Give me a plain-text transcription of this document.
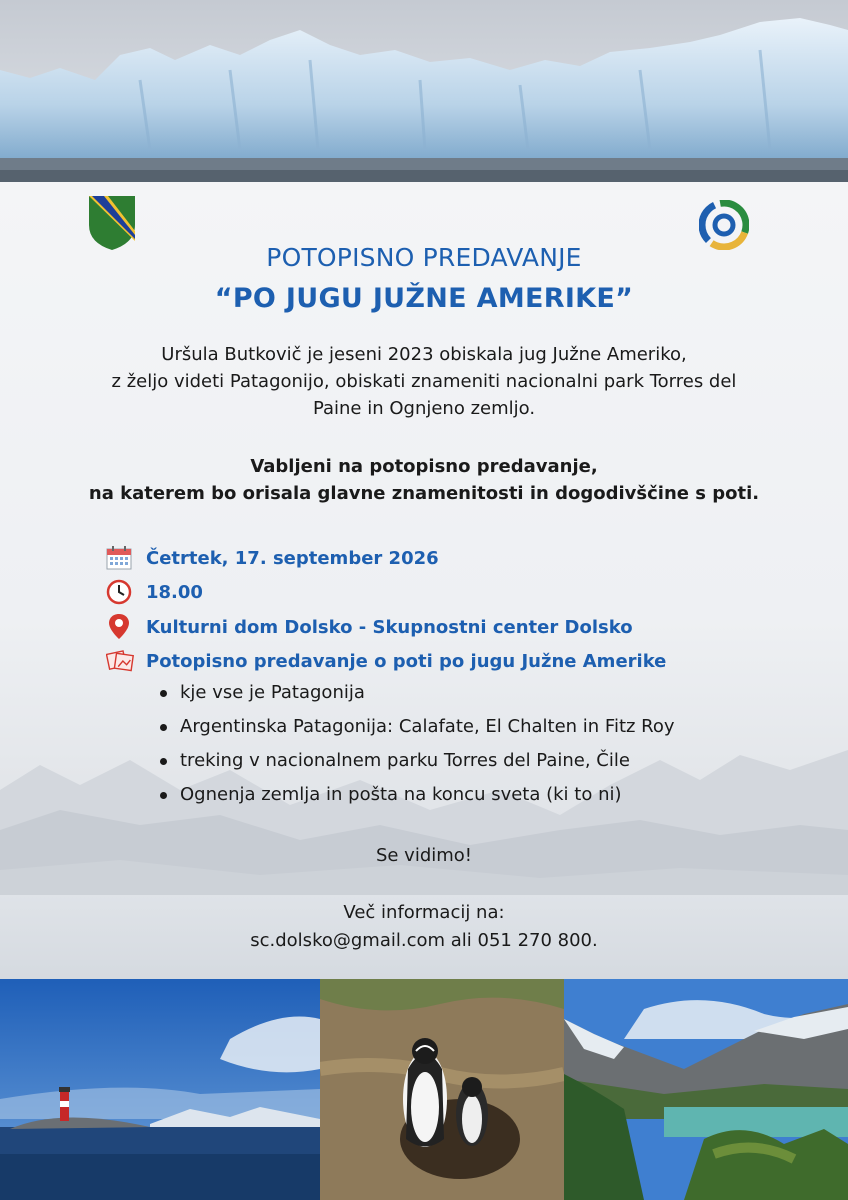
POTOPISNO PREDAVANJE
“PO JUGU JUŽNE AMERIKE”
Uršula Butkovič je jeseni 2023 obiskala jug Južne Ameriko,
z željo videti Patagonijo, obiskati znameniti nacionalni park Torres del
Paine in Ognjeno zemljo.
Vabljeni na potopisno predavanje,
na katerem bo orisala glavne znamenitosti in dogodivščine s poti.
Četrtek, 17. september 2026
18.00
Kulturni dom Dolsko - Skupnostni center Dolsko
Potopisno predavanje o poti po jugu Južne Amerike
kje vse je Patagonija
Argentinska Patagonija: Calafate, El Chalten in Fitz Roy
treking v nacionalnem parku Torres del Paine, Čile
Ognenja zemlja in pošta na koncu sveta (ki to ni)
Se vidimo!
Več informacij na:
sc.dolsko@gmail.com ali 051 270 800.
